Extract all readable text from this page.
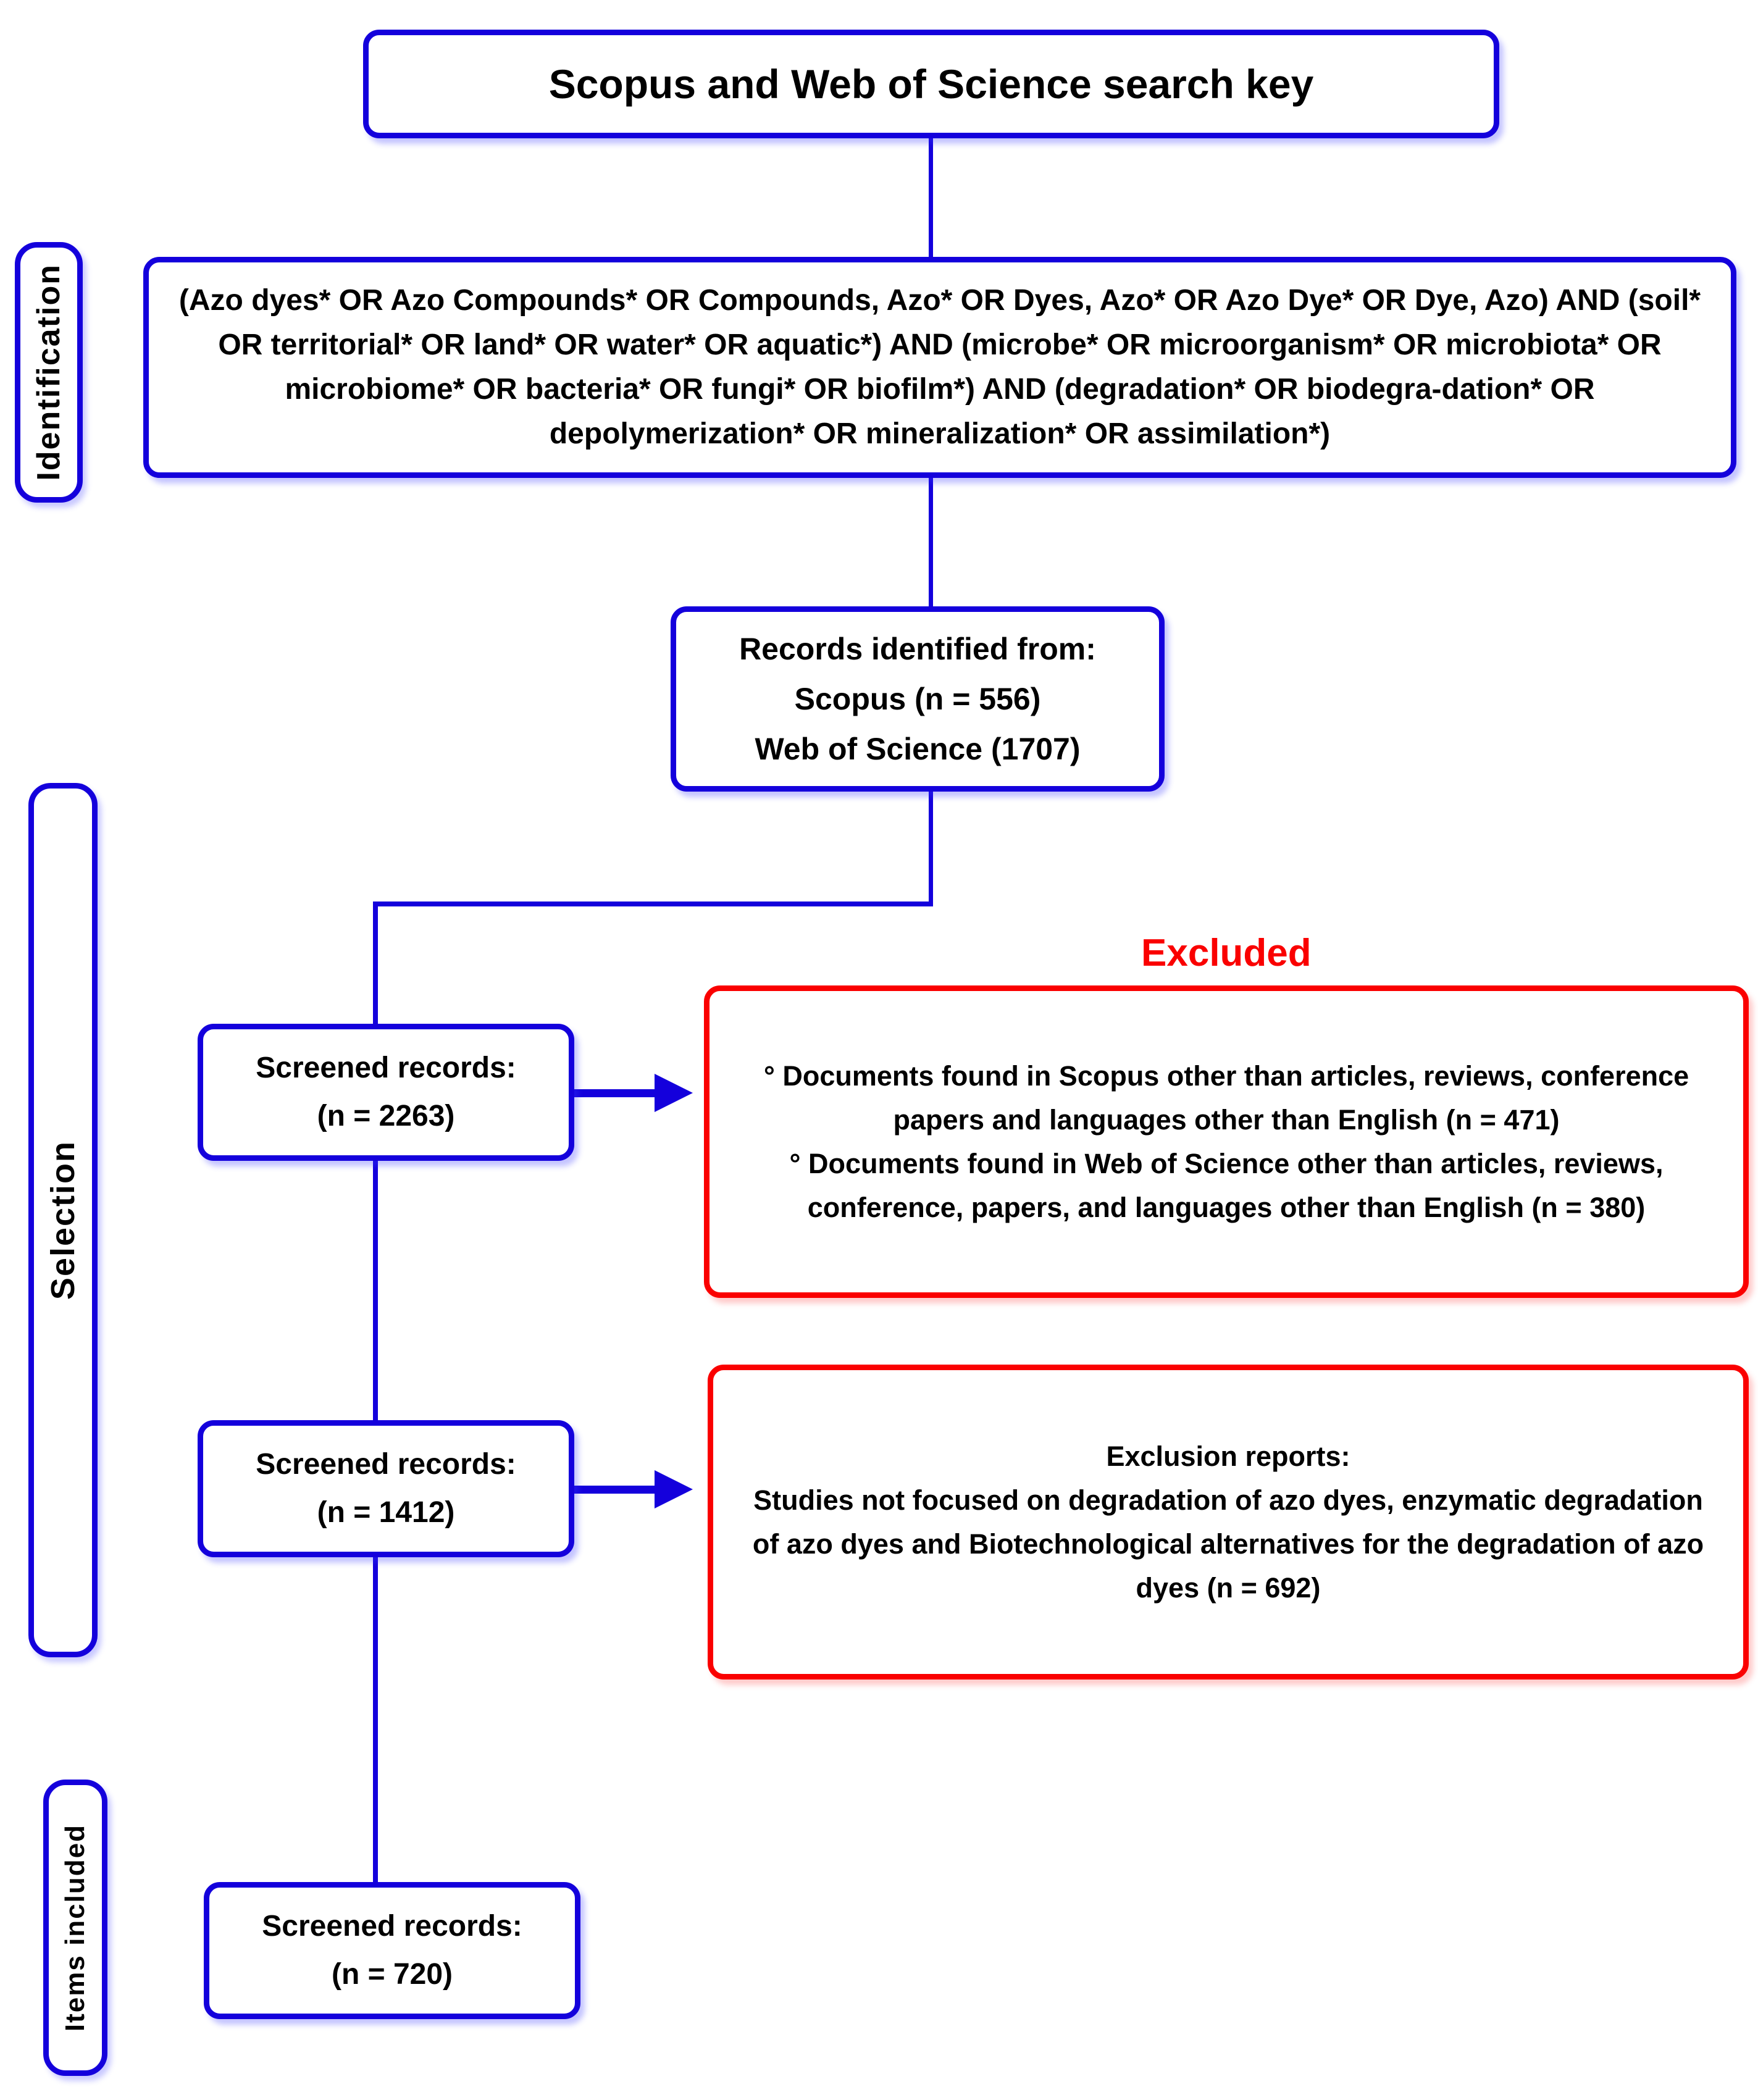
Identification
Selection
Items included
Scopus and Web of Science search key
(Azo dyes* OR Azo Compounds* OR Compounds, Azo* OR Dyes, Azo* OR Azo Dye* OR Dye, Azo) AND (soil* OR territorial* OR land* OR water* OR aquatic*) AND (microbe* OR microorganism* OR microbiota* OR microbiome* OR bacteria* OR fungi* OR biofilm*) AND (degradation* OR biodegra-dation* OR depolymerization* OR mineralization* OR assimilation*)
Records identified from:
Scopus (n = 556)
Web of Science (1707)
Excluded
Screened records:
(n = 2263)
° Documents found in Scopus other than articles, reviews, conference papers and languages other than English (n = 471)
° Documents found in Web of Science other than articles, reviews, conference, papers, and languages other than English (n = 380)
Screened records:
(n = 1412)
Exclusion reports:
Studies not focused on degradation of azo dyes, enzymatic degradation of azo dyes and Biotechnological alternatives for the degradation of azo dyes (n = 692)
Screened records:
(n = 720)
